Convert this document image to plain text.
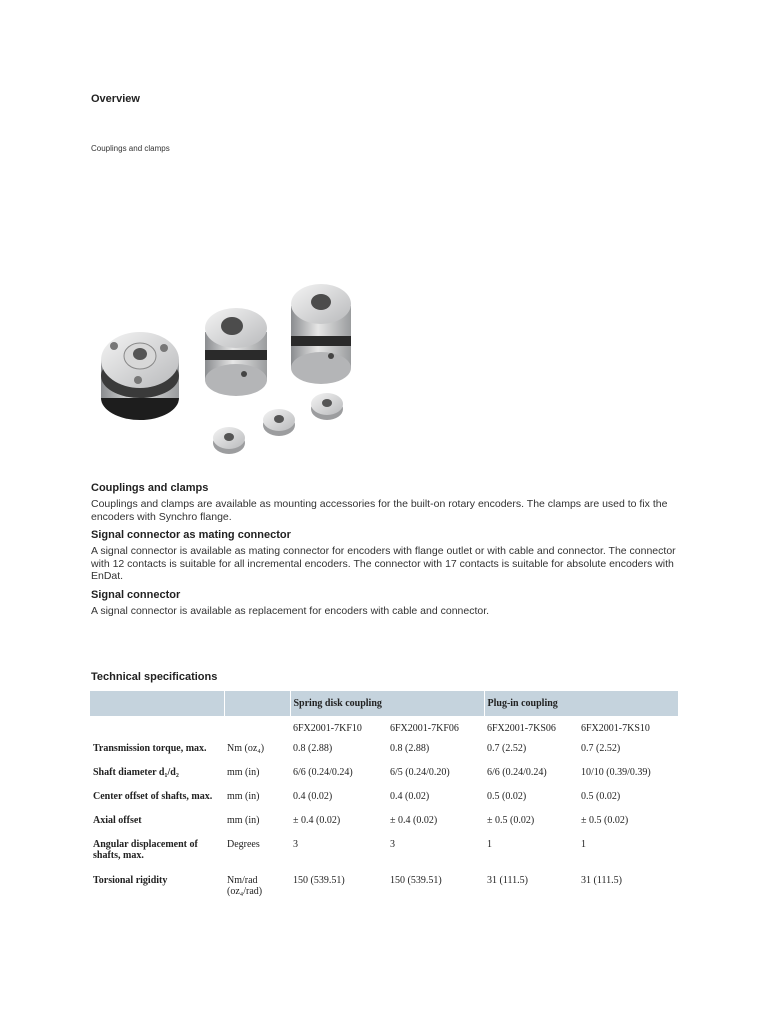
Overview
Couplings and clamps
Couplings and clamps

Couplings and clamps are available as mounting accessories for the built-on rotary encoders. The clamps are used to fix the encoders with Synchro flange.

Signal connector as mating connector

A signal connector is available as mating connector for encoders with flange outlet or with cable and connector. The connector with 12 contacts is suitable for all incremental encoders. The connector with 17 contacts is suitable for absolute encoders with EnDat.

Signal connector

A signal connector is available as replacement for encoders with cable and connector.

Technical specifications
		Spring disk coupling		Plug-in coupling	
		6FX2001-7KF10	6FX2001-7KF06	6FX2001-7KS06	6FX2001-7KS10
Transmission torque, max.	Nm (oz₄)	0.8 (2.88)	0.8 (2.88)	0.7 (2.52)	0.7 (2.52)
Shaft diameter d₁/d₂	mm (in)	6/6 (0.24/0.24)	6/5 (0.24/0.20)	6/6 (0.24/0.24)	10/10 (0.39/0.39)
Center offset of shafts, max.	mm (in)	0.4 (0.02)	0.4 (0.02)	0.5 (0.02)	0.5 (0.02)
Axial offset	mm (in)	± 0.4 (0.02)	± 0.4 (0.02)	± 0.5 (0.02)	± 0.5 (0.02)
Angular displacement of shafts, max.	Degrees	3	3	1	1
Torsional rigidity	Nm/rad (oz₄/rad)	150 (539.51)	150 (539.51)	31 (111.5)	31 (111.5)
